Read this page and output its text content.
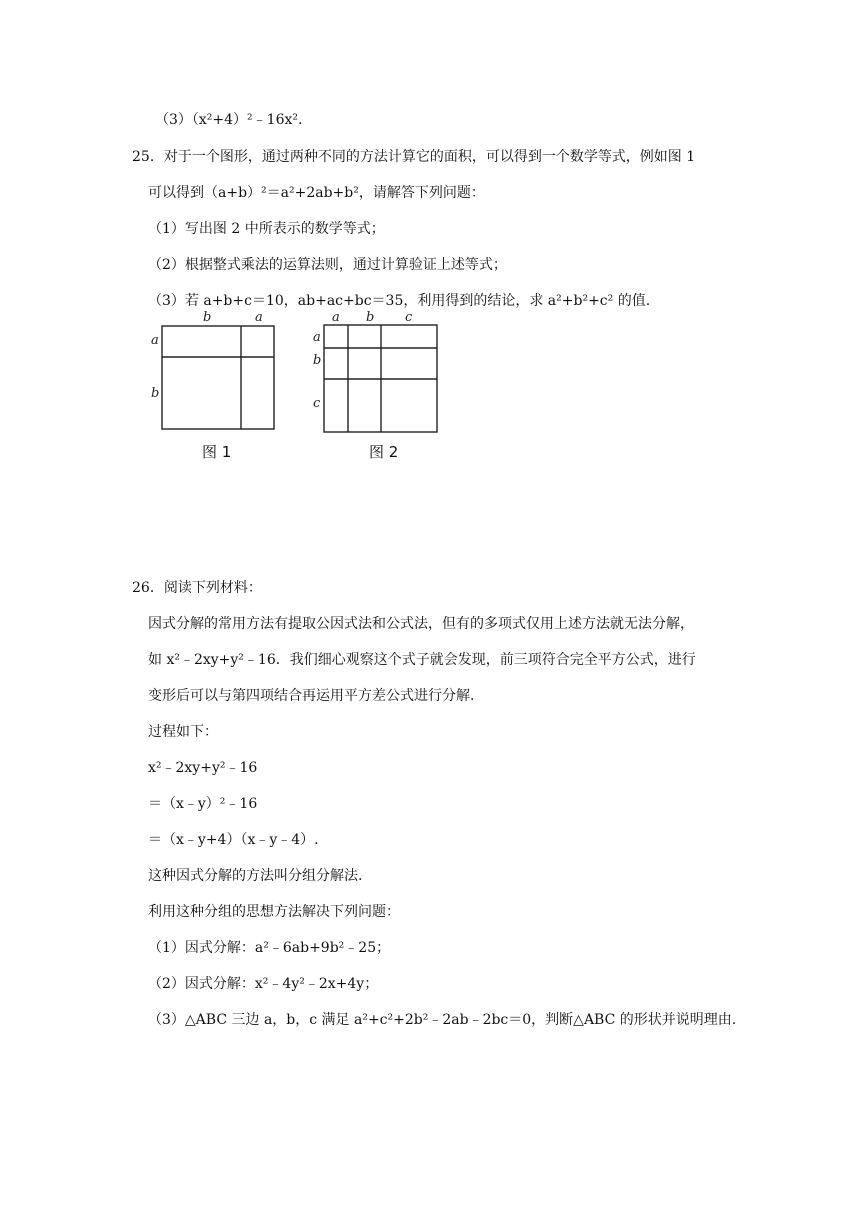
（3）（x²+4）²﹣16x².
25．对于一个图形，通过两种不同的方法计算它的面积，可以得到一个数学等式，例如图 1
可以得到（a+b）²＝a²+2ab+b²，请解答下列问题：
（1）写出图 2 中所表示的数学等式；
（2）根据整式乘法的运算法则，通过计算验证上述等式；
（3）若 a+b+c＝10，ab+ac+bc＝35，利用得到的结论，求 a²+b²+c² 的值.
b	a
a
b
图 1
a b c
a
b
c
图 2
26．阅读下列材料：
因式分解的常用方法有提取公因式法和公式法，但有的多项式仅用上述方法就无法分解，
如 x²﹣2xy+y²﹣16．我们细心观察这个式子就会发现，前三项符合完全平方公式，进行
变形后可以与第四项结合再运用平方差公式进行分解.
过程如下：
x²﹣2xy+y²﹣16
＝（x﹣y）²﹣16
＝（x﹣y+4）（x﹣y﹣4）.
这种因式分解的方法叫分组分解法.
利用这种分组的思想方法解决下列问题：
（1）因式分解：a²﹣6ab+9b²﹣25；
（2）因式分解：x²﹣4y²﹣2x+4y；
（3）△ABC 三边 a，b，c 满足 a²+c²+2b²﹣2ab﹣2bc＝0，判断△ABC 的形状并说明理由.
